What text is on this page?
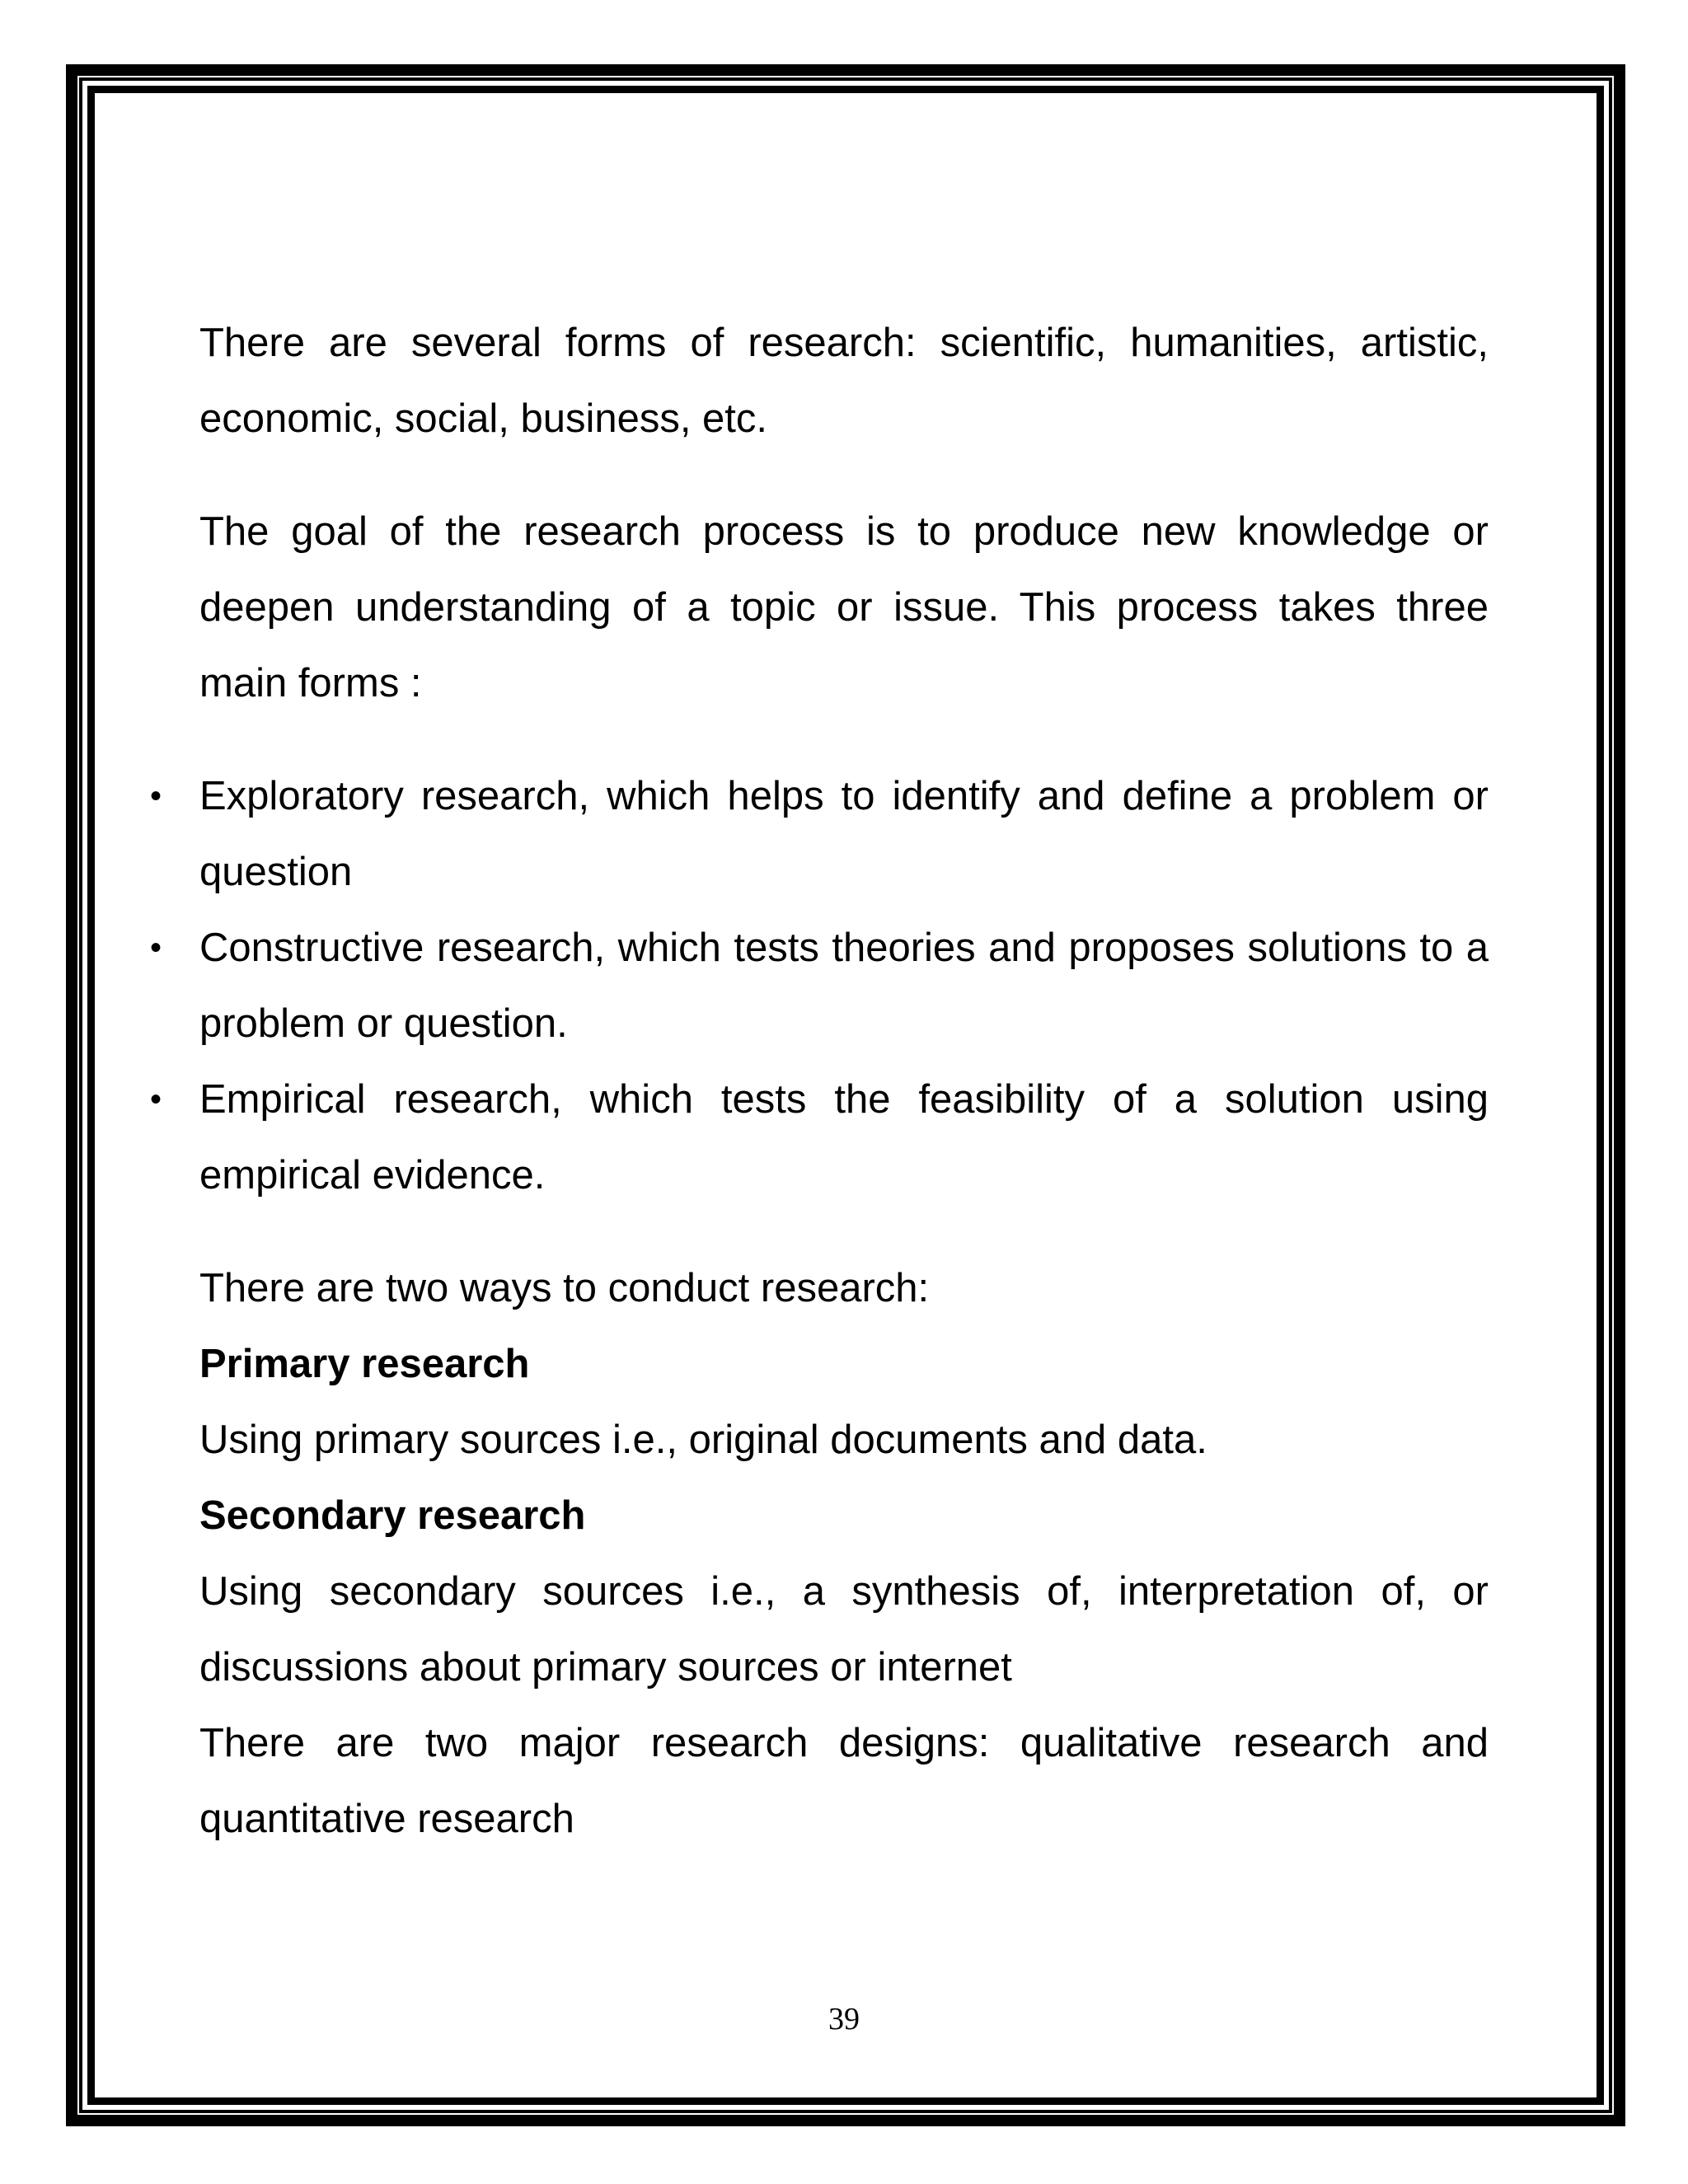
There are several forms of research: scientific, humanities, artistic, economic, social, business, etc.

The goal of the research process is to produce new knowledge or deepen understanding of a topic or issue. This process takes three main forms :

• Exploratory research, which helps to identify and define a problem or question
• Constructive research, which tests theories and proposes solutions to a problem or question.
• Empirical research, which tests the feasibility of a solution using empirical evidence.

There are two ways to conduct research:

Primary research

Using primary sources i.e., original documents and data.

Secondary research

Using secondary sources i.e., a synthesis of, interpretation of, or discussions about primary sources or internet

There are two major research designs: qualitative research and quantitative research

39
